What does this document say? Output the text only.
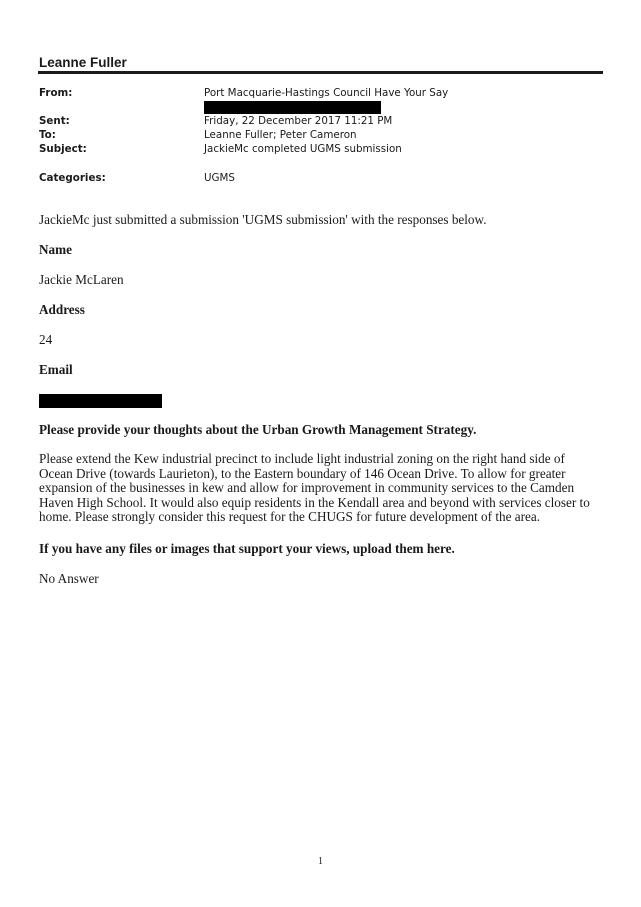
Leanne Fuller
From:	Port Macquarie-Hastings Council Have Your Say
Sent:	Friday, 22 December 2017 11:21 PM
To:	Leanne Fuller; Peter Cameron
Subject:	JackieMc completed UGMS submission
Categories:	UGMS
JackieMc just submitted a submission 'UGMS submission' with the responses below.
Name
Jackie McLaren
Address
24
Email
Please provide your thoughts about the Urban Growth Management Strategy.
Please extend the Kew industrial precinct to include light industrial zoning on the right hand side of Ocean Drive (towards Laurieton), to the Eastern boundary of 146 Ocean Drive. To allow for greater expansion of the businesses in kew and allow for improvement in community services to the Camden Haven High School. It would also equip residents in the Kendall area and beyond with services closer to home. Please strongly consider this request for the CHUGS for future development of the area.
If you have any files or images that support your views, upload them here.
No Answer
1
